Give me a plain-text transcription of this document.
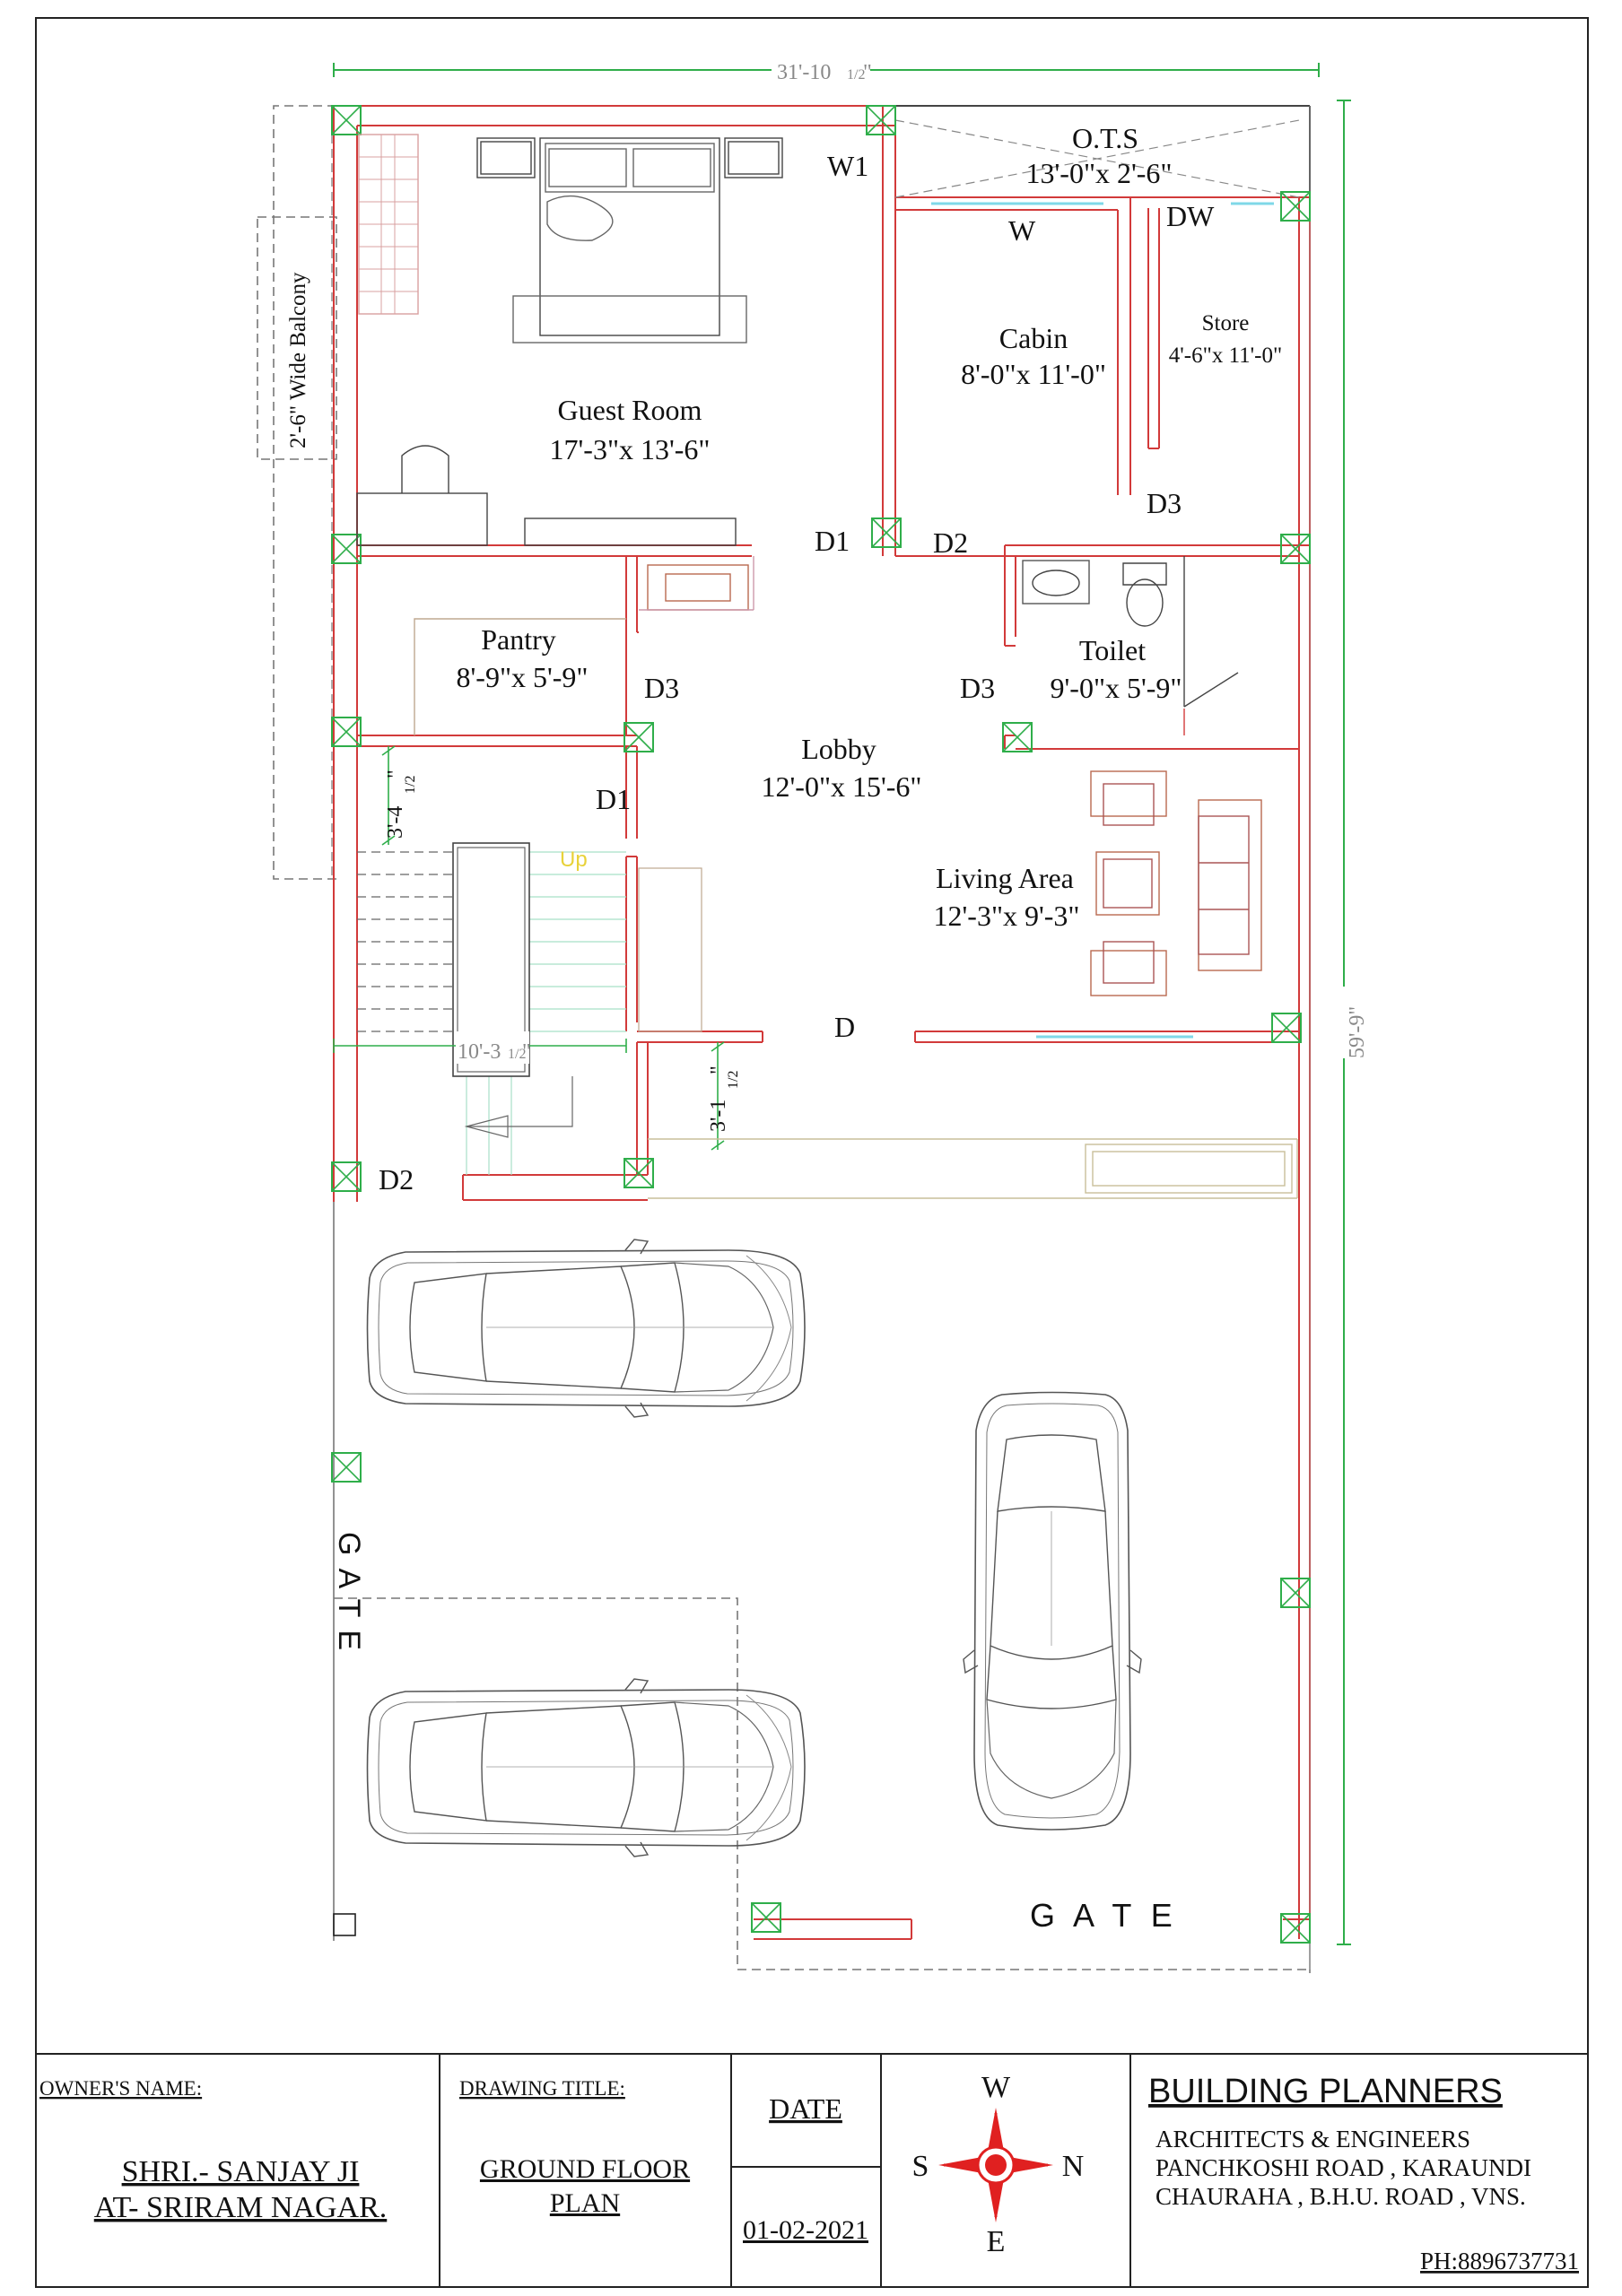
31'-10 1/2
"
59'-9"
2'-6" Wide Balcony
3'-4
1/2
"
10'-3 1/2
"
3'-1
1/2
"
O.T.S
13'-0"x 2'-6"
Guest Room
17'-3"x 13'-6"
Cabin
8'-0"x 11'-0"
Store
4'-6"x 11'-0"
Pantry
8'-9"x 5'-9"
Toilet
9'-0"x 5'-9"
Lobby
12'-0"x 15'-6"
Living Area
12'-3"x 9'-3"
W1
W	DW
D1	D2
D3
D3	D3
D1
D
D2
Up
GATE
G A T E
OWNER'S NAME:
SHRI.- SANJAY JI
AT- SRIRAM NAGAR.
DRAWING TITLE:
GROUND FLOOR
PLAN
DATE
01-02-2021
W
S	N
E
BUILDING PLANNERS
ARCHITECTS & ENGINEERS
PANCHKOSHI ROAD , KARAUNDI
CHAURAHA , B.H.U. ROAD , VNS.
PH:8896737731
